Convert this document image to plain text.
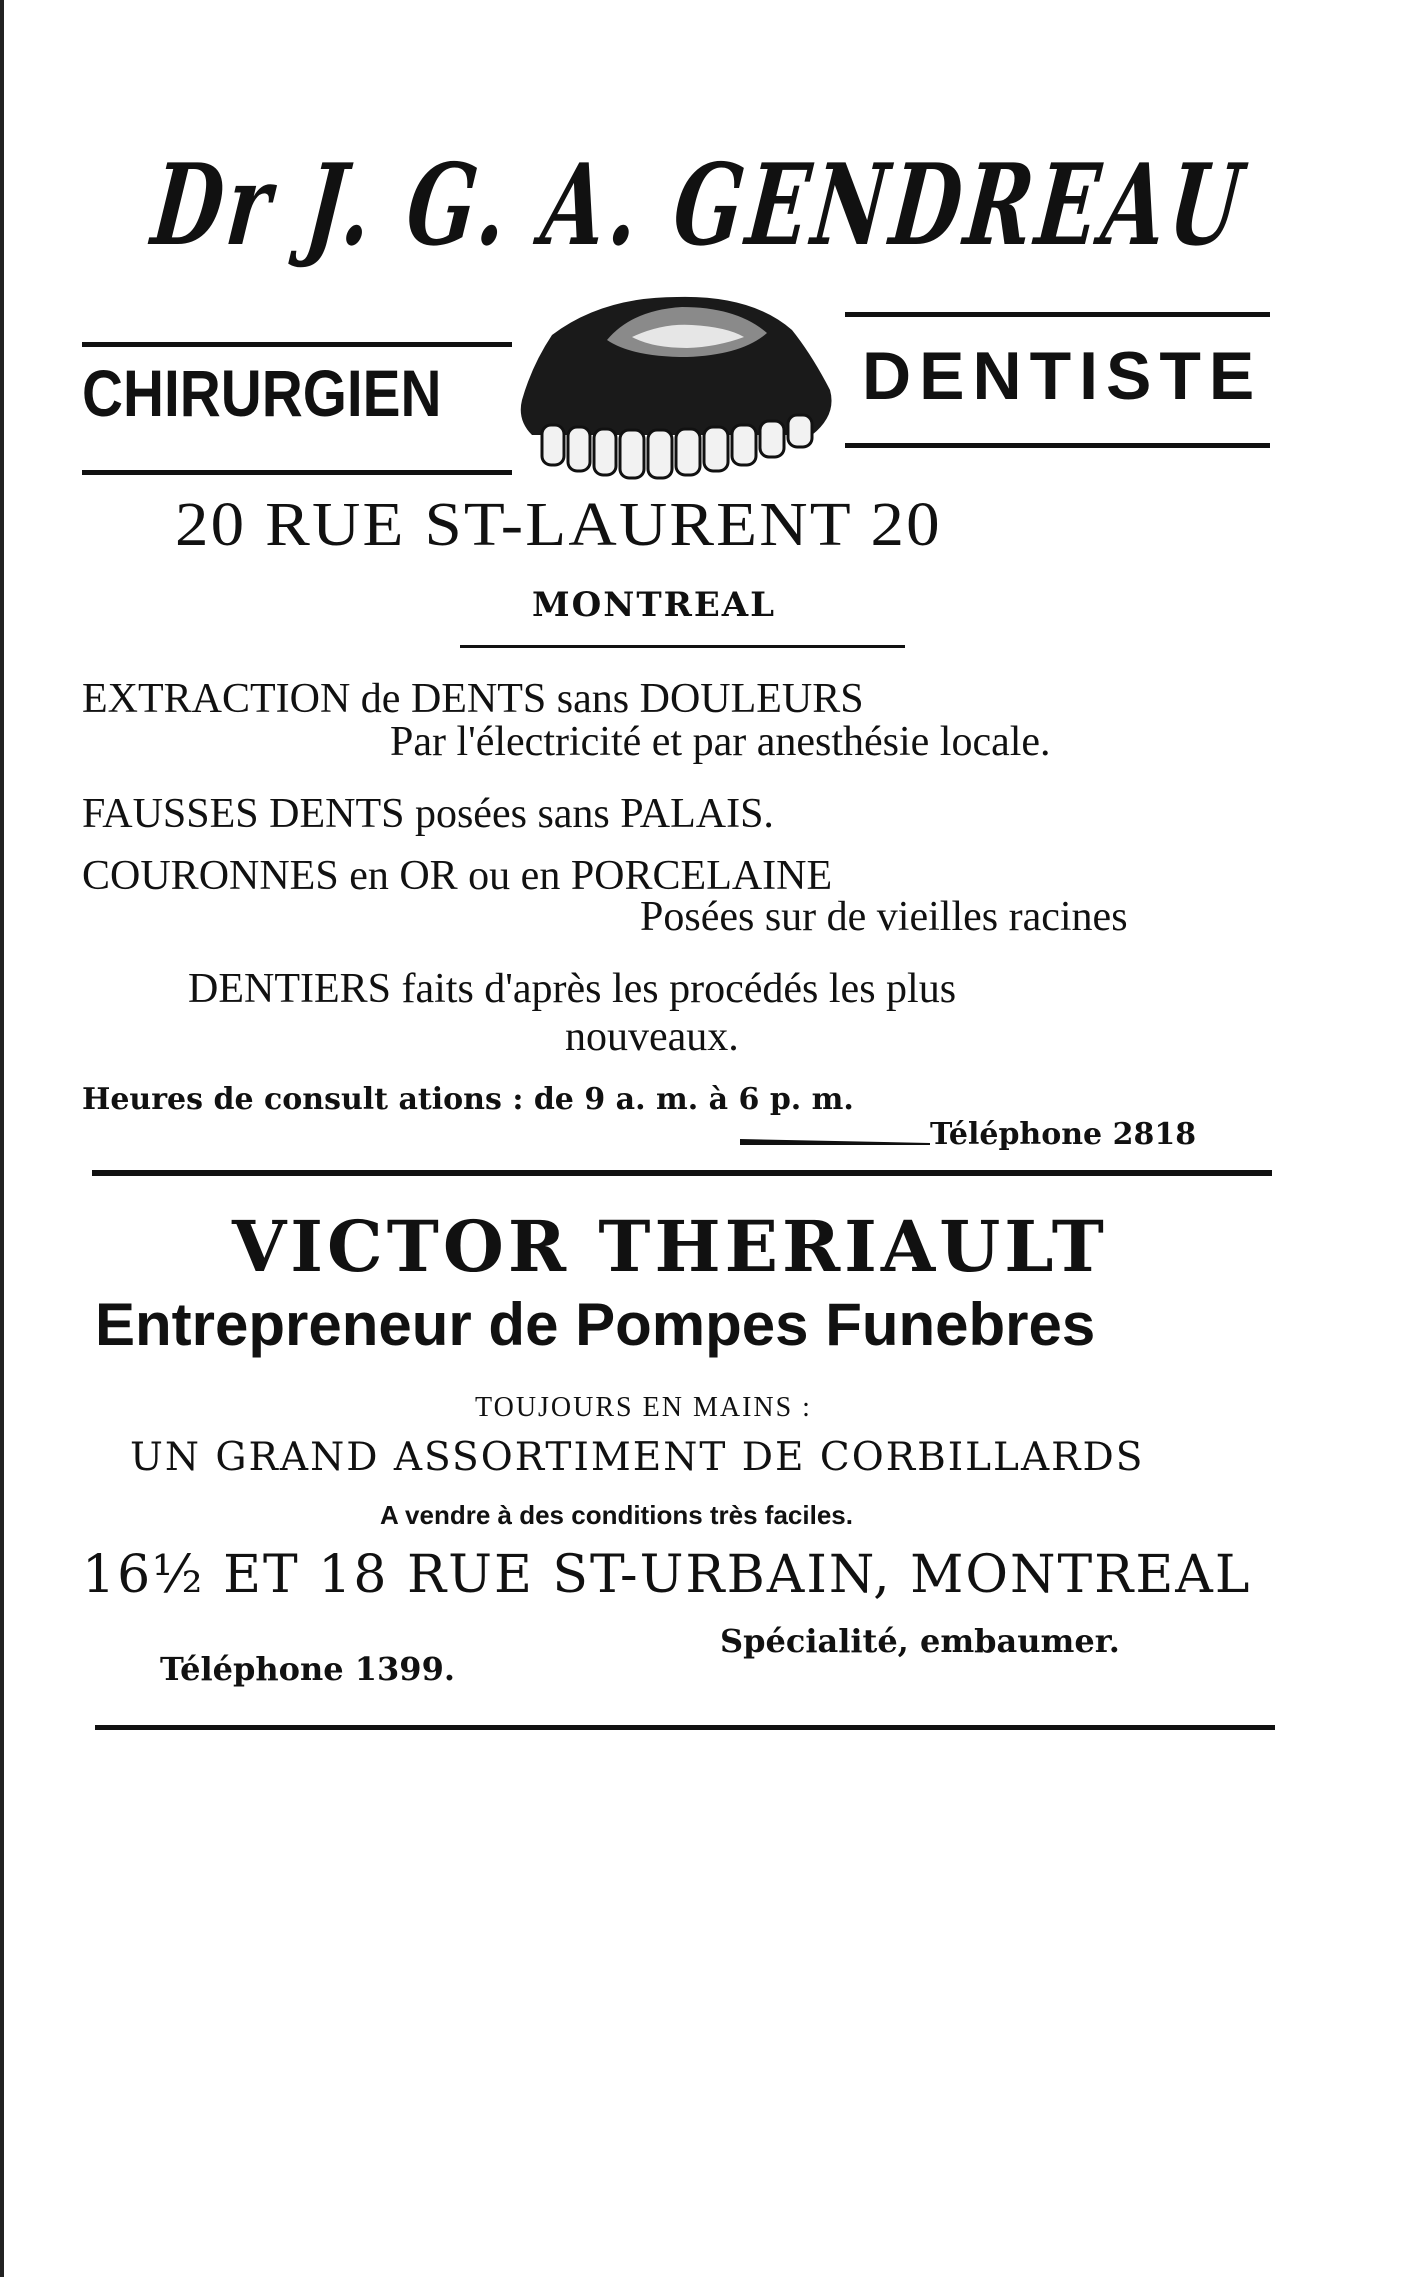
Dr J. G. A. GENDREAU
CHIRURGIEN	DENTISTE
20 RUE ST-LAURENT 20
MONTREAL
EXTRACTION de DENTS sans DOULEURS
Par l'électricité et par anesthésie locale.
FAUSSES DENTS posées sans PALAIS.
COURONNES en OR ou en PORCELAINE
Posées sur de vieilles racines
DENTIERS faits d'après les procédés les plus
nouveaux.
Heures de consult ations : de 9 a. m. à 6 p. m.
Téléphone 2818
VICTOR THERIAULT
Entrepreneur de Pompes Funebres
TOUJOURS EN MAINS :
UN GRAND ASSORTIMENT DE CORBILLARDS
A vendre à des conditions très faciles.
16½ ET 18 RUE ST-URBAIN, MONTREAL
Téléphone 1399.
Spécialité, embaumer.
